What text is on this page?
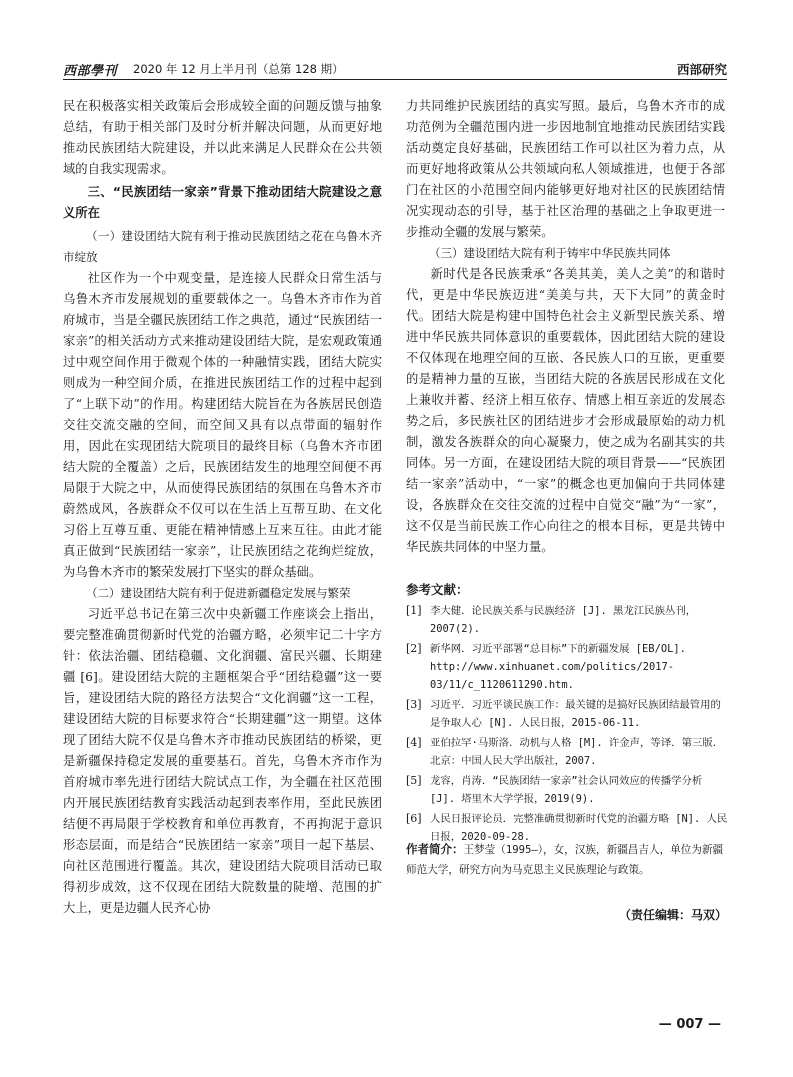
西部學刊 2020 年 12 月上半月刊（总第 128 期）	西部研究

民在积极落实相关政策后会形成较全面的问题反馈与抽象总结，有助于相关部门及时分析并解决问题，从而更好地推动民族团结大院建设，并以此来满足人民群众在公共领域的自我实现需求。

三、“民族团结一家亲”背景下推动团结大院建设之意义所在

（一）建设团结大院有利于推动民族团结之花在乌鲁木齐市绽放

社区作为一个中观变量，是连接人民群众日常生活与乌鲁木齐市发展规划的重要载体之一。乌鲁木齐市作为首府城市，当是全疆民族团结工作之典范，通过“民族团结一家亲”的相关活动方式来推动建设团结大院，是宏观政策通过中观空间作用于微观个体的一种融情实践，团结大院实则成为一种空间介质，在推进民族团结工作的过程中起到了“上联下动”的作用。构建团结大院旨在为各族居民创造交往交流交融的空间，而空间又具有以点带面的辐射作用，因此在实现团结大院项目的最终目标（乌鲁木齐市团结大院的全覆盖）之后，民族团结发生的地理空间便不再局限于大院之中，从而使得民族团结的氛围在乌鲁木齐市蔚然成风，各族群众不仅可以在生活上互帮互助、在文化习俗上互尊互重、更能在精神情感上互来互往。由此才能真正做到“民族团结一家亲”，让民族团结之花绚烂绽放，为乌鲁木齐市的繁荣发展打下坚实的群众基础。

（二）建设团结大院有利于促进新疆稳定发展与繁荣

习近平总书记在第三次中央新疆工作座谈会上指出，要完整准确贯彻新时代党的治疆方略，必须牢记二十字方针：依法治疆、团结稳疆、文化润疆、富民兴疆、长期建疆 [6]。建设团结大院的主题框架合乎“团结稳疆”这一要旨，建设团结大院的路径方法契合“文化润疆”这一工程，建设团结大院的目标要求符合“长期建疆”这一期望。这体现了团结大院不仅是乌鲁木齐市推动民族团结的桥梁，更是新疆保持稳定发展的重要基石。首先，乌鲁木齐市作为首府城市率先进行团结大院试点工作，为全疆在社区范围内开展民族团结教育实践活动起到表率作用，至此民族团结便不再局限于学校教育和单位再教育，不再拘泥于意识形态层面，而是结合“民族团结一家亲”项目一起下基层、向社区范围进行覆盖。其次，建设团结大院项目活动已取得初步成效，这不仅现在团结大院数量的陡增、范围的扩大上，更是边疆人民齐心协

力共同维护民族团结的真实写照。最后，乌鲁木齐市的成功范例为全疆范围内进一步因地制宜地推动民族团结实践活动奠定良好基础，民族团结工作可以社区为着力点，从而更好地将政策从公共领域向私人领域推进，也便于各部门在社区的小范围空间内能够更好地对社区的民族团结情况实现动态的引导，基于社区治理的基础之上争取更进一步推动全疆的发展与繁荣。

（三）建设团结大院有利于铸牢中华民族共同体

新时代是各民族秉承“各美其美，美人之美”的和谐时代，更是中华民族迈进“美美与共，天下大同”的黄金时代。团结大院是构建中国特色社会主义新型民族关系、增进中华民族共同体意识的重要载体，因此团结大院的建设不仅体现在地理空间的互嵌、各民族人口的互嵌，更重要的是精神力量的互嵌，当团结大院的各族居民形成在文化上兼收并蓄、经济上相互依存、情感上相互亲近的发展态势之后，多民族社区的团结进步才会形成最原始的动力机制，激发各族群众的向心凝聚力，使之成为名副其实的共同体。另一方面，在建设团结大院的项目背景——“民族团结一家亲”活动中，“一家”的概念也更加偏向于共同体建设，各族群众在交往交流的过程中自觉交“融”为“一家”，这不仅是当前民族工作心向往之的根本目标，更是共铸中华民族共同体的中坚力量。

参考文献：
[1] 李大健．论民族关系与民族经济 [J]. 黑龙江民族丛刊，2007(2).
[2] 新华网．习近平部署“总目标”下的新疆发展 [EB/OL]. http://www.xinhuanet.com/politics/2017-03/11/c_1120611290.htm.
[3] 习近平．习近平谈民族工作：最关键的是搞好民族团结最管用的是争取人心 [N]. 人民日报，2015-06-11.
[4] 亚伯拉罕·马斯洛．动机与人格 [M]. 许金声，等译．第三版．北京：中国人民大学出版社，2007.
[5] 龙容，肖涛．“民族团结一家亲”社会认同效应的传播学分析 [J]. 塔里木大学学报，2019(9).
[6] 人民日报评论员．完整准确贯彻新时代党的治疆方略 [N]. 人民日报，2020-09-28.
作者简介：王梦莹（1995—），女，汉族，新疆昌吉人，单位为新疆师范大学，研究方向为马克思主义民族理论与政策。
（责任编辑：马双）
— 007 —
